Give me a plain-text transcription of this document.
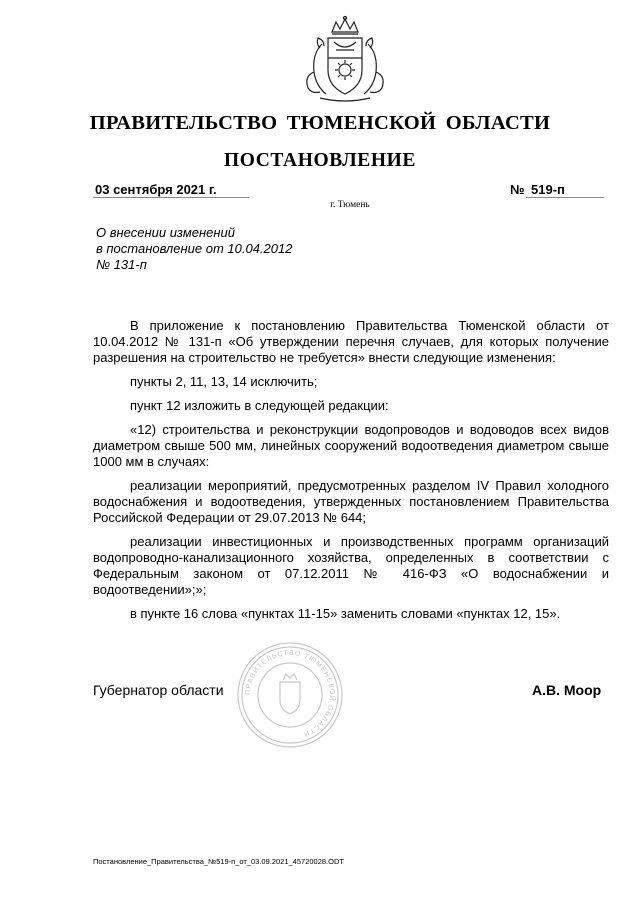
ПРАВИТЕЛЬСТВО ТЮМЕНСКОЙ ОБЛАСТИ
ПОСТАНОВЛЕНИЕ
03 сентября 2021 г.	№ 519-п
г. Тюмень
О внесении изменений
в постановление от 10.04.2012
№ 131-п

В приложение к постановлению Правительства Тюменской области от 10.04.2012 № 131-п «Об утверждении перечня случаев, для которых получение разрешения на строительство не требуется» внести следующие изменения:

пункты 2, 11, 13, 14 исключить;

пункт 12 изложить в следующей редакции:

«12) строительства и реконструкции водопроводов и водоводов всех видов диаметром свыше 500 мм, линейных сооружений водоотведения диаметром свыше 1000 мм в случаях:

реализации мероприятий, предусмотренных разделом IV Правил холодного водоснабжения и водоотведения, утвержденных постановлением Правительства Российской Федерации от 29.07.2013 № 644;

реализации инвестиционных и производственных программ организаций водопроводно-канализационного хозяйства, определенных в соответствии с Федеральным законом от 07.12.2011 № 416-ФЗ «О водоснабжении и водоотведении»;»;

в пункте 16 слова «пунктах 11-15» заменить словами «пунктах 12, 15».

ПРАВИТЕЛЬСТВО ТЮМЕНСКОЙ ОБЛАСТИ
Губернатор области	А.В. Моор
Постановление_Правительства_№519-п_от_03.09.2021_45720028.ODT
